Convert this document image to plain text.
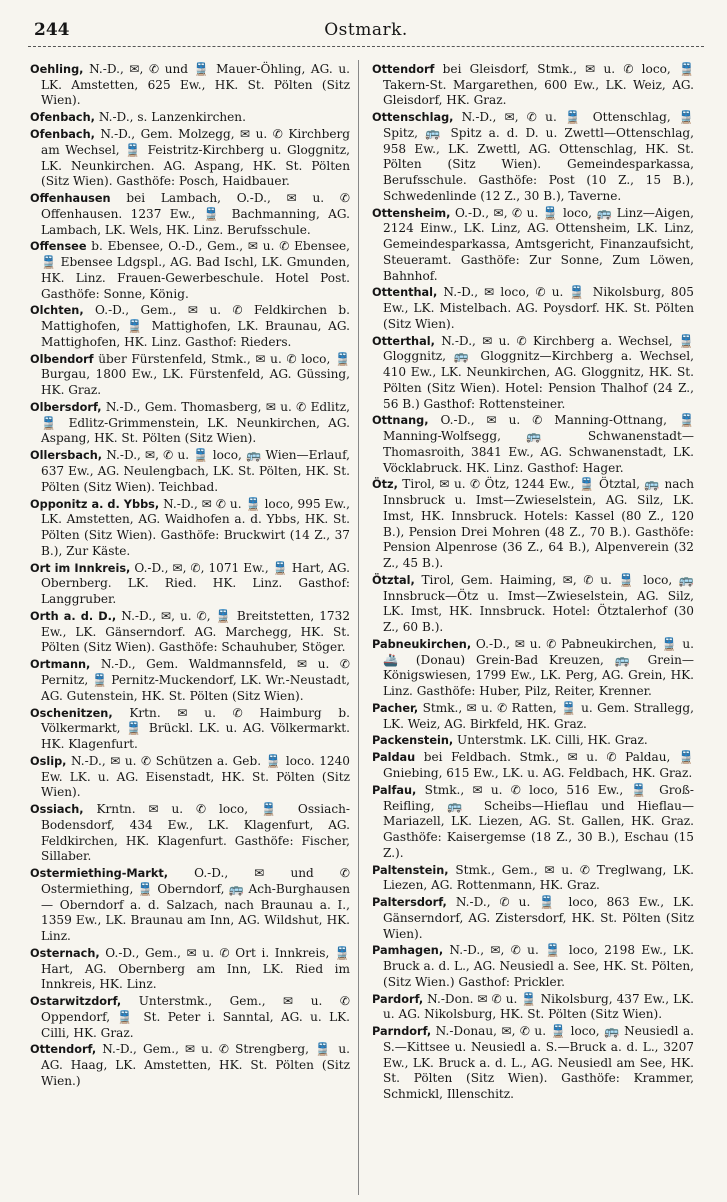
244	Ostmark.
Oehling, N.-D., ✉, ✆ und 🚆 Mauer-Öhling, AG. u. LK. Amstetten, 625 Ew., HK. St. Pölten (Sitz Wien).
Ofenbach, N.-D., s. Lanzenkirchen.
Ofenbach, N.-D., Gem. Molzegg, ✉ u. ✆ Kirchberg am Wechsel, 🚆 Feistritz-Kirchberg u. Gloggnitz, LK. Neunkirchen. AG. Aspang, HK. St. Pölten (Sitz Wien). Gasthöfe: Posch, Haidbauer.
Offenhausen bei Lambach, O.-D., ✉ u. ✆ Offenhausen. 1237 Ew., 🚆 Bachmanning, AG. Lambach, LK. Wels, HK. Linz. Berufsschule.
Offensee b. Ebensee, O.-D., Gem., ✉ u. ✆ Ebensee, 🚆 Ebensee Ldgspl., AG. Bad Ischl, LK. Gmunden, HK. Linz. Frauen-Gewerbeschule. Hotel Post. Gasthöfe: Sonne, König.
Olchten, O.-D., Gem., ✉ u. ✆ Feldkirchen b. Mattighofen, 🚆 Mattighofen, LK. Braunau, AG. Mattighofen, HK. Linz. Gasthof: Rieders.
Olbendorf über Fürstenfeld, Stmk., ✉ u. ✆ loco, 🚆 Burgau, 1800 Ew., LK. Fürstenfeld, AG. Güssing, HK. Graz.
Olbersdorf, N.-D., Gem. Thomasberg, ✉ u. ✆ Edlitz, 🚆 Edlitz-Grimmenstein, LK. Neunkirchen, AG. Aspang, HK. St. Pölten (Sitz Wien).
Ollersbach, N.-D., ✉, ✆ u. 🚆 loco, 🚌 Wien—Erlauf, 637 Ew., AG. Neulengbach, LK. St. Pölten, HK. St. Pölten (Sitz Wien). Teichbad.
Opponitz a. d. Ybbs, N.-D., ✉ ✆ u. 🚆 loco, 995 Ew., LK. Amstetten, AG. Waidhofen a. d. Ybbs, HK. St. Pölten (Sitz Wien). Gasthöfe: Bruckwirt (14 Z., 37 B.), Zur Käste.
Ort im Innkreis, O.-D., ✉, ✆, 1071 Ew., 🚆 Hart, AG. Obernberg. LK. Ried. HK. Linz. Gasthof: Langgruber.
Orth a. d. D., N.-D., ✉, u. ✆, 🚆 Breitstetten, 1732 Ew., LK. Gänserndorf. AG. Marchegg, HK. St. Pölten (Sitz Wien). Gasthöfe: Schauhuber, Stöger.
Ortmann, N.-D., Gem. Waldmannsfeld, ✉ u. ✆ Pernitz, 🚆 Pernitz-Muckendorf, LK. Wr.-Neustadt, AG. Gutenstein, HK. St. Pölten (Sitz Wien).
Oschenitzen, Krtn. ✉ u. ✆ Haimburg b. Völkermarkt, 🚆 Brückl. LK. u. AG. Völkermarkt. HK. Klagenfurt.
Oslip, N.-D., ✉ u. ✆ Schützen a. Geb. 🚆 loco. 1240 Ew. LK. u. AG. Eisenstadt, HK. St. Pölten (Sitz Wien).
Ossiach, Krntn. ✉ u. ✆ loco, 🚆 Ossiach-Bodensdorf, 434 Ew., LK. Klagenfurt, AG. Feldkirchen, HK. Klagenfurt. Gasthöfe: Fischer, Sillaber.
Ostermiething-Markt, O.-D., ✉ und ✆ Ostermiething, 🚆 Oberndorf, 🚌 Ach-Burghausen — Oberndorf a. d. Salzach, nach Braunau a. I., 1359 Ew., LK. Braunau am Inn, AG. Wildshut, HK. Linz.
Osternach, O.-D., Gem., ✉ u. ✆ Ort i. Innkreis, 🚆 Hart, AG. Obernberg am Inn, LK. Ried im Innkreis, HK. Linz.
Ostarwitzdorf, Unterstmk., Gem., ✉ u. ✆ Oppendorf, 🚆 St. Peter i. Sanntal, AG. u. LK. Cilli, HK. Graz.
Ottendorf, N.-D., Gem., ✉ u. ✆ Strengberg, 🚆 u. AG. Haag, LK. Amstetten, HK. St. Pölten (Sitz Wien.)
Ottendorf bei Gleisdorf, Stmk., ✉ u. ✆ loco, 🚆 Takern-St. Margarethen, 600 Ew., LK. Weiz, AG. Gleisdorf, HK. Graz.
Ottenschlag, N.-D., ✉, ✆ u. 🚆 Ottenschlag, 🚆 Spitz, 🚌 Spitz a. d. D. u. Zwettl—Ottenschlag, 958 Ew., LK. Zwettl, AG. Ottenschlag, HK. St. Pölten (Sitz Wien). Gemeindesparkassa, Berufsschule. Gasthöfe: Post (10 Z., 15 B.), Schwedenlinde (12 Z., 30 B.), Taverne.
Ottensheim, O.-D., ✉, ✆ u. 🚆 loco, 🚌 Linz—Aigen, 2124 Einw., LK. Linz, AG. Ottensheim, LK. Linz, Gemeindesparkassa, Amtsgericht, Finanzaufsicht, Steueramt. Gasthöfe: Zur Sonne, Zum Löwen, Bahnhof.
Ottenthal, N.-D., ✉ loco, ✆ u. 🚆 Nikolsburg, 805 Ew., LK. Mistelbach. AG. Poysdorf. HK. St. Pölten (Sitz Wien).
Otterthal, N.-D., ✉ u. ✆ Kirchberg a. Wechsel, 🚆 Gloggnitz, 🚌 Gloggnitz—Kirchberg a. Wechsel, 410 Ew., LK. Neunkirchen, AG. Gloggnitz, HK. St. Pölten (Sitz Wien). Hotel: Pension Thalhof (24 Z., 56 B.) Gasthof: Rottensteiner.
Ottnang, O.-D., ✉ u. ✆ Manning-Ottnang, 🚆 Manning-Wolfsegg, 🚌 Schwanenstadt—Thomasroith, 3841 Ew., AG. Schwanenstadt, LK. Vöcklabruck. HK. Linz. Gasthof: Hager.
Ötz, Tirol, ✉ u. ✆ Ötz, 1244 Ew., 🚆 Ötztal, 🚌 nach Innsbruck u. Imst—Zwieselstein, AG. Silz, LK. Imst, HK. Innsbruck. Hotels: Kassel (80 Z., 120 B.), Pension Drei Mohren (48 Z., 70 B.). Gasthöfe: Pension Alpenrose (36 Z., 64 B.), Alpenverein (32 Z., 45 B.).
Ötztal, Tirol, Gem. Haiming, ✉, ✆ u. 🚆 loco, 🚌 Innsbruck—Ötz u. Imst—Zwieselstein, AG. Silz, LK. Imst, HK. Innsbruck. Hotel: Ötztalerhof (30 Z., 60 B.).
Pabneukirchen, O.-D., ✉ u. ✆ Pabneukirchen, 🚆 u. 🚢 (Donau) Grein-Bad Kreuzen, 🚌 Grein—Königswiesen, 1799 Ew., LK. Perg, AG. Grein, HK. Linz. Gasthöfe: Huber, Pilz, Reiter, Krenner.
Pacher, Stmk., ✉ u. ✆ Ratten, 🚆 u. Gem. Strallegg, LK. Weiz, AG. Birkfeld, HK. Graz.
Packenstein, Unterstmk. LK. Cilli, HK. Graz.
Paldau bei Feldbach. Stmk., ✉ u. ✆ Paldau, 🚆 Gniebing, 615 Ew., LK. u. AG. Feldbach, HK. Graz.
Palfau, Stmk., ✉ u. ✆ loco, 516 Ew., 🚆 Groß-Reifling, 🚌 Scheibs—Hieflau und Hieflau—Mariazell, LK. Liezen, AG. St. Gallen, HK. Graz. Gasthöfe: Kaisergemse (18 Z., 30 B.), Eschau (15 Z.).
Paltenstein, Stmk., Gem., ✉ u. ✆ Treglwang, LK. Liezen, AG. Rottenmann, HK. Graz.
Paltersdorf, N.-D., ✆ u. 🚆 loco, 863 Ew., LK. Gänserndorf, AG. Zistersdorf, HK. St. Pölten (Sitz Wien).
Pamhagen, N.-D., ✉, ✆ u. 🚆 loco, 2198 Ew., LK. Bruck a. d. L., AG. Neusiedl a. See, HK. St. Pölten, (Sitz Wien.) Gasthof: Prickler.
Pardorf, N.-Don. ✉ ✆ u. 🚆 Nikolsburg, 437 Ew., LK. u. AG. Nikolsburg, HK. St. Pölten (Sitz Wien).
Parndorf, N.-Donau, ✉, ✆ u. 🚆 loco, 🚌 Neusiedl a. S.—Kittsee u. Neusiedl a. S.—Bruck a. d. L., 3207 Ew., LK. Bruck a. d. L., AG. Neusiedl am See, HK. St. Pölten (Sitz Wien). Gasthöfe: Krammer, Schmickl, Illenschitz.
